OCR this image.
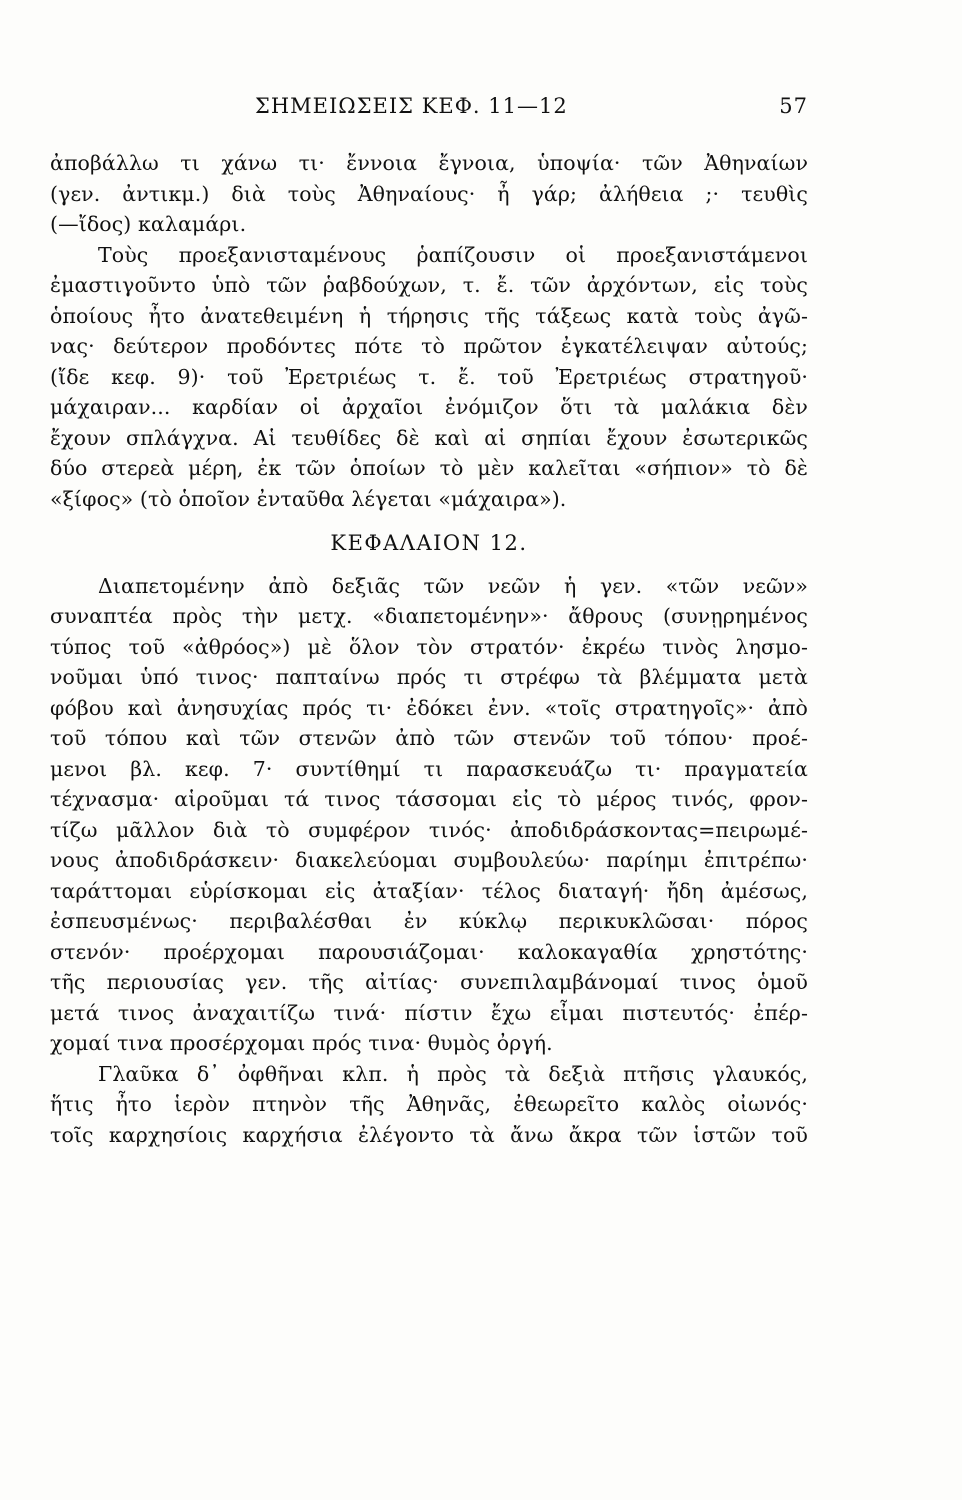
ΣΗΜΕΙΩΣΕΙΣ ΚΕΦ. 11—12	57
ἀποβάλλω τι χάνω τι· ἔννοια ἔγνοια, ὑποψία· τῶν Ἀθηναίων
(γεν. ἀντικμ.) διὰ τοὺς Ἀθηναίους· ἦ γάρ; ἀλήθεια ;· τευθὶς
(—ἴδος) καλαμάρι.
Τοὺς προεξανισταμένους ῥαπίζουσιν οἱ προεξανιστάμενοι
ἐμαστιγοῦντο ὑπὸ τῶν ῥαβδούχων, τ. ἔ. τῶν ἀρχόντων, εἰς τοὺς
ὁποίους ἦτο ἀνατεθειμένη ἡ τήρησις τῆς τάξεως κατὰ τοὺς ἀγῶ-
νας· δεύτερον προδόντες πότε τὸ πρῶτον ἐγκατέλειψαν αὐτούς;
(ἴδε κεφ. 9)· τοῦ Ἐρετριέως τ. ἔ. τοῦ Ἐρετριέως στρατηγοῦ·
μάχαιραν... καρδίαν οἱ ἀρχαῖοι ἐνόμιζον ὅτι τὰ μαλάκια δὲν
ἔχουν σπλάγχνα. Αἱ τευθίδες δὲ καὶ αἱ σηπίαι ἔχουν ἐσωτερικῶς
δύο στερεὰ μέρη, ἐκ τῶν ὁποίων τὸ μὲν καλεῖται «σήπιον» τὸ δὲ
«ξίφος» (τὸ ὁποῖον ἐνταῦθα λέγεται «μάχαιρα»).
ΚΕΦΑΛΑΙΟΝ 12.
Διαπετομένην ἀπὸ δεξιᾶς τῶν νεῶν ἡ γεν. «τῶν νεῶν»
συναπτέα πρὸς τὴν μετχ. «διαπετομένην»· ἄθρους (συνῃρημένος
τύπος τοῦ «ἀθρόος») μὲ ὅλον τὸν στρατόν· ἐκρέω τινὸς λησμο-
νοῦμαι ὑπό τινος· παπταίνω πρός τι στρέφω τὰ βλέμματα μετὰ
φόβου καὶ ἀνησυχίας πρός τι· ἐδόκει ἐνν. «τοῖς στρατηγοῖς»· ἀπὸ
τοῦ τόπου καὶ τῶν στενῶν ἀπὸ τῶν στενῶν τοῦ τόπου· προέ-
μενοι βλ. κεφ. 7· συντίθημί τι παρασκευάζω τι· πραγματεία
τέχνασμα· αἱροῦμαι τά τινος τάσσομαι εἰς τὸ μέρος τινός, φρον-
τίζω μᾶλλον διὰ τὸ συμφέρον τινός· ἀποδιδράσκοντας=πειρωμέ-
νους ἀποδιδράσκειν· διακελεύομαι συμβουλεύω· παρίημι ἐπιτρέπω·
ταράττομαι εὑρίσκομαι εἰς ἀταξίαν· τέλος διαταγή· ἤδη ἀμέσως,
ἐσπευσμένως· περιβαλέσθαι ἐν κύκλῳ περικυκλῶσαι· πόρος
στενόν· προέρχομαι παρουσιάζομαι· καλοκαγαθία χρηστότης·
τῆς περιουσίας γεν. τῆς αἰτίας· συνεπιλαμβάνομαί τινος ὁμοῦ
μετά τινος ἀναχαιτίζω τινά· πίστιν ἔχω εἶμαι πιστευτός· ἐπέρ-
χομαί τινα προσέρχομαι πρός τινα· θυμὸς ὀργή.
Γλαῦκα δ᾿ ὀφθῆναι κλπ. ἡ πρὸς τὰ δεξιὰ πτῆσις γλαυκός,
ἥτις ἦτο ἱερὸν πτηνὸν τῆς Ἀθηνᾶς, ἐθεωρεῖτο καλὸς οἰωνός·
τοῖς καρχησίοις καρχήσια ἐλέγοντο τὰ ἄνω ἄκρα τῶν ἱστῶν τοῦ
